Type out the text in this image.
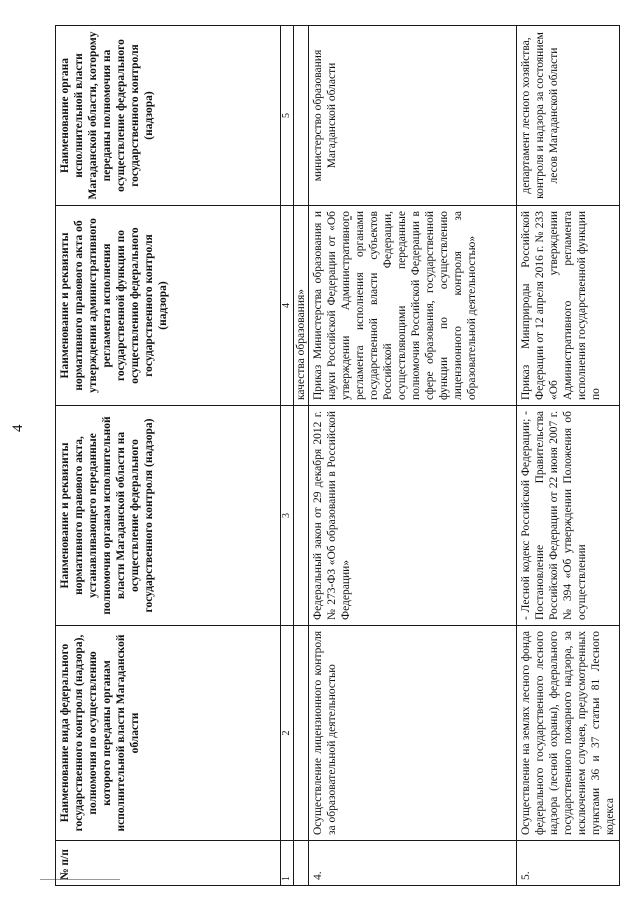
4
№ п/п	Наименование вида федерального государственного контроля (надзора), полномочия по осуществлению которого переданы органам исполнительной власти Магаданской области	Наименование и реквизиты нормативного правового акта, устанавливающего переданные полномочия органам исполнительной власти Магаданской области на осуществление федерального государственного контроля (надзора)	Наименование и реквизиты нормативного правового акта об утверждении административного регламента исполнения государственной функции по осуществлению федерального государственного контроля (надзора)	Наименование органа исполнительной власти Магаданской области, которому переданы полномочия на осуществление федерального государственного контроля (надзора)
1	2	3	4	5
			качества образования»	
4.	Осуществление лицензионного контроля за образовательной деятельностью	Федеральный закон от 29 декабря 2012 г. № 273-ФЗ «Об образовании в Российской Федерации»	Приказ Министерства образования и науки Российской Федерации от «Об утверждении Административного регламента исполнения органами государственной власти субъектов Российской Федерации, осуществляющими переданные полномочия Российской Федерации в сфере образования, государственной функции по осуществлению лицензионного контроля за образовательной деятельностью»	министерство образования Магаданской области
5.	Осуществление на землях лесного фонда федерального государственного лесного надзора (лесной охраны), федерального государственного пожарного надзора, за исключением случаев, предусмотренных пунктами 36 и 37 статьи 81 Лесного кодекса	- Лесной кодекс Российской Федерации; - Постановление Правительства Российской Федерации от 22 июня 2007 г. № 394 «Об утверждении Положения об осуществлении	Приказ Минприроды Российской Федерации от 12 апреля 2016 г. № 233 «Об утверждении Административного регламента исполнения государственной функции по	департамент лесного хозяйства, контроля и надзора за состоянием лесов Магаданской области
